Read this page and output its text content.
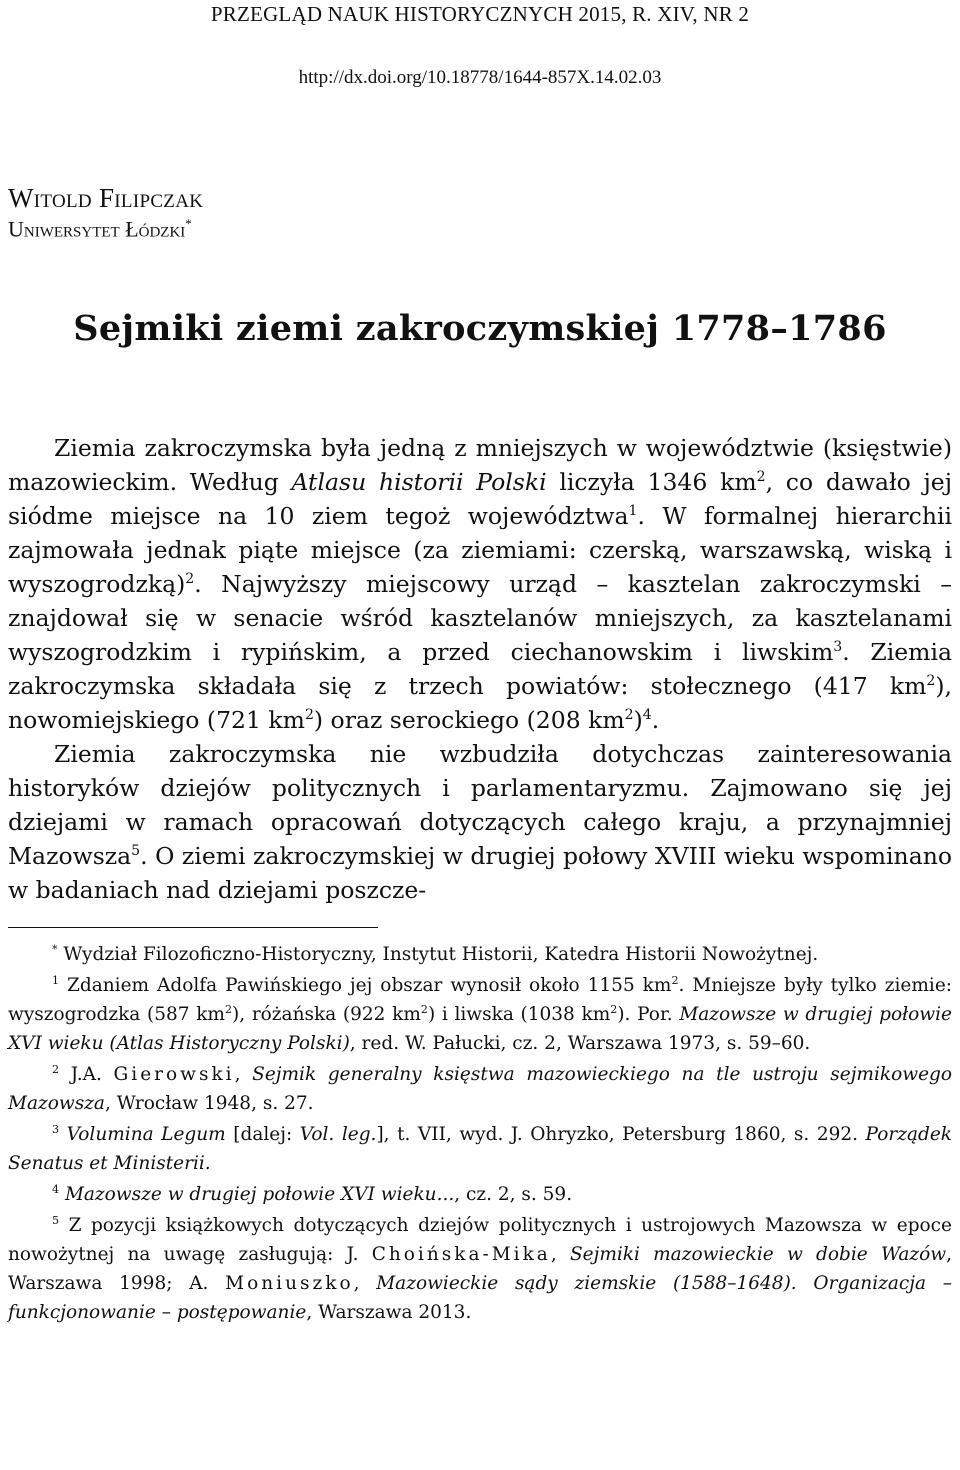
PRZEGLĄD NAUK HISTORYCZNYCH 2015, R. XIV, NR 2
http://dx.doi.org/10.18778/1644-857X.14.02.03
Witold Filipczak
Uniwersytet Łódzki*
Sejmiki ziemi zakroczymskiej 1778–1786

Ziemia zakroczymska była jedną z mniejszych w województwie (księstwie) mazowieckim. Według Atlasu historii Polski liczyła 1346 $km^2$, co dawało jej siódme miejsce na 10 ziem tegoż województwa$^1$. W formalnej hierarchii zajmowała jednak piąte miejsce (za ziemiami: czerską, warszawską, wiską i wyszogrodzką)$^2$. Najwyższy miejscowy urząd – kasztelan zakroczymski – znajdował się w senacie wśród kasztelanów mniejszych, za kasztelanami wyszogrodzkim i rypińskim, a przed ciechanowskim i liwskim$^3$. Ziemia zakroczymska składała się z trzech powiatów: stołecznego (417 $km^2$), nowomiejskiego (721 $km^2$) oraz serockiego (208 $km^2)^4$.

Ziemia zakroczymska nie wzbudziła dotychczas zainteresowania historyków dziejów politycznych i parlamentaryzmu. Zajmowano się jej dziejami w ramach opracowań dotyczących całego kraju, a przynajmniej Mazowsza$^5$. O ziemi zakroczymskiej w drugiej połowy XVIII wieku wspominano w badaniach nad dziejami poszcze-

* Wydział Filozoficzno-Historyczny, Instytut Historii, Katedra Historii Nowożytnej.

$^1$ Zdaniem Adolfa Pawińskiego jej obszar wynosił około 1155 $km^2$. Mniejsze były tylko ziemie: wyszogrodzka (587 $km^2$), różańska (922 $km^2$) i liwska (1038 $km^2$). Por. Mazowsze w drugiej połowie XVI wieku (Atlas Historyczny Polski), red. W. Pałucki, cz. 2, Warszawa 1973, s. 59–60.

$^2$ J.A. Gierowski, Sejmik generalny księstwa mazowieckiego na tle ustroju sejmikowego Mazowsza, Wrocław 1948, s. 27.

$^3$ Volumina Legum [dalej: Vol. leg.], t. VII, wyd. J. Ohryzko, Petersburg 1860, s. 292. Porządek Senatus et Ministerii.

$^4$ Mazowsze w drugiej połowie XVI wieku..., cz. 2, s. 59.

$^5$ Z pozycji książkowych dotyczących dziejów politycznych i ustrojowych Mazowsza w epoce nowożytnej na uwagę zasługują: J. Choińska-Mika, Sejmiki mazowieckie w dobie Wazów, Warszawa 1998; A. Moniuszko, Mazowieckie sądy ziemskie (1588–1648). Organizacja – funkcjonowanie – postępowanie, Warszawa 2013.
